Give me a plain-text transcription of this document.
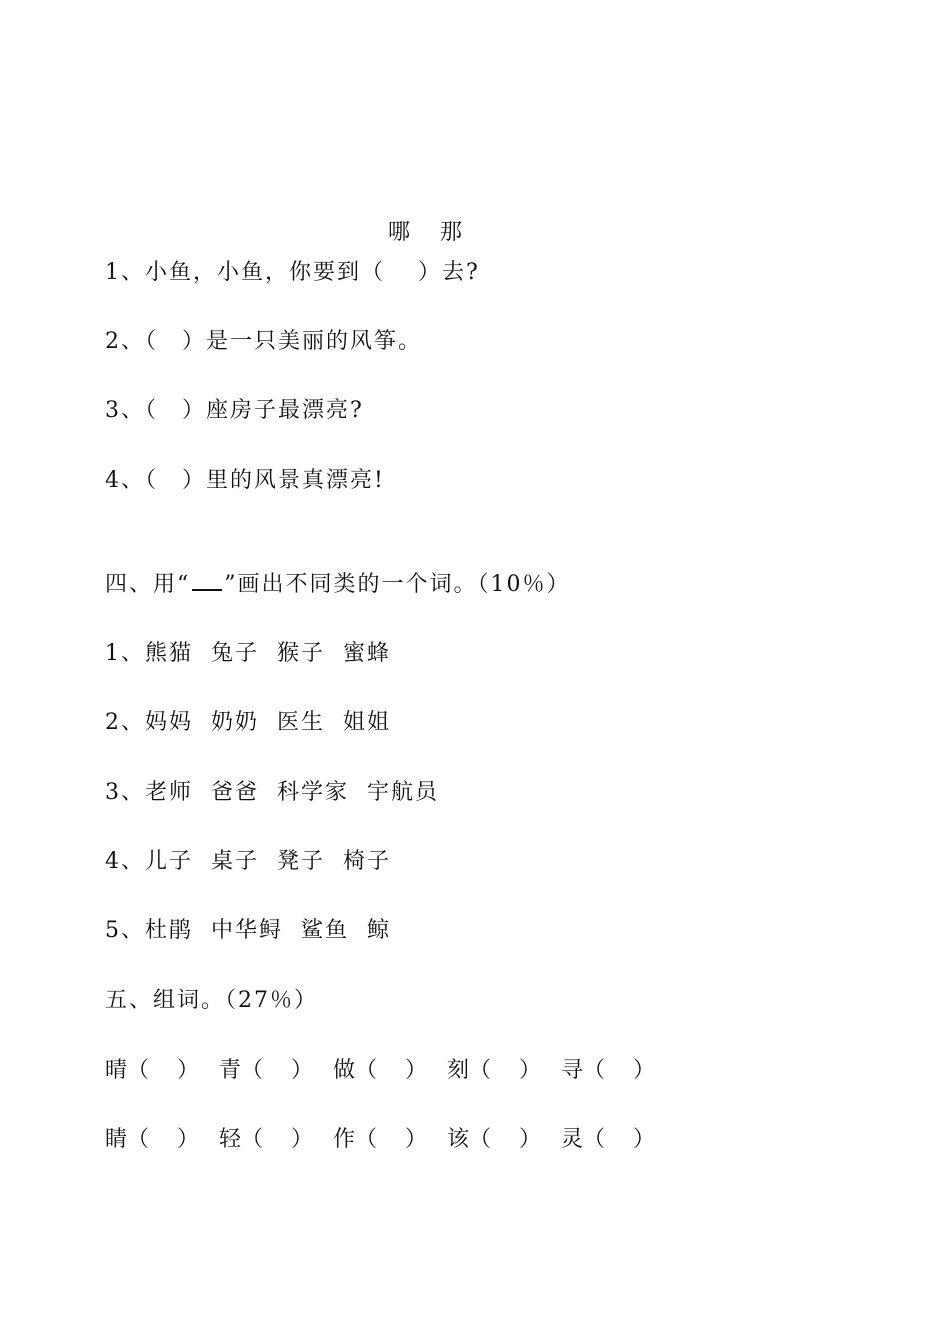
哪 那

1、小鱼，小鱼，你要到（　 ）去?
2、（　）是一只美丽的风筝。
3、（　）座房子最漂亮?
4、（　）里的风景真漂亮!
四、用“ ”画出不同类的一个词。（10％）
1、熊猫  兔子  猴子  蜜蜂
2、妈妈  奶奶  医生  姐姐
3、老师  爸爸  科学家  宇航员
4、儿子  桌子  凳子  椅子
5、杜鹃  中华鲟  鲨鱼  鲸
五、组词。（27％）
晴（    ） 青（    ） 做（    ） 刻（    ） 寻（    ）
睛（    ） 轻（    ） 作（    ） 该（    ） 灵（    ）
